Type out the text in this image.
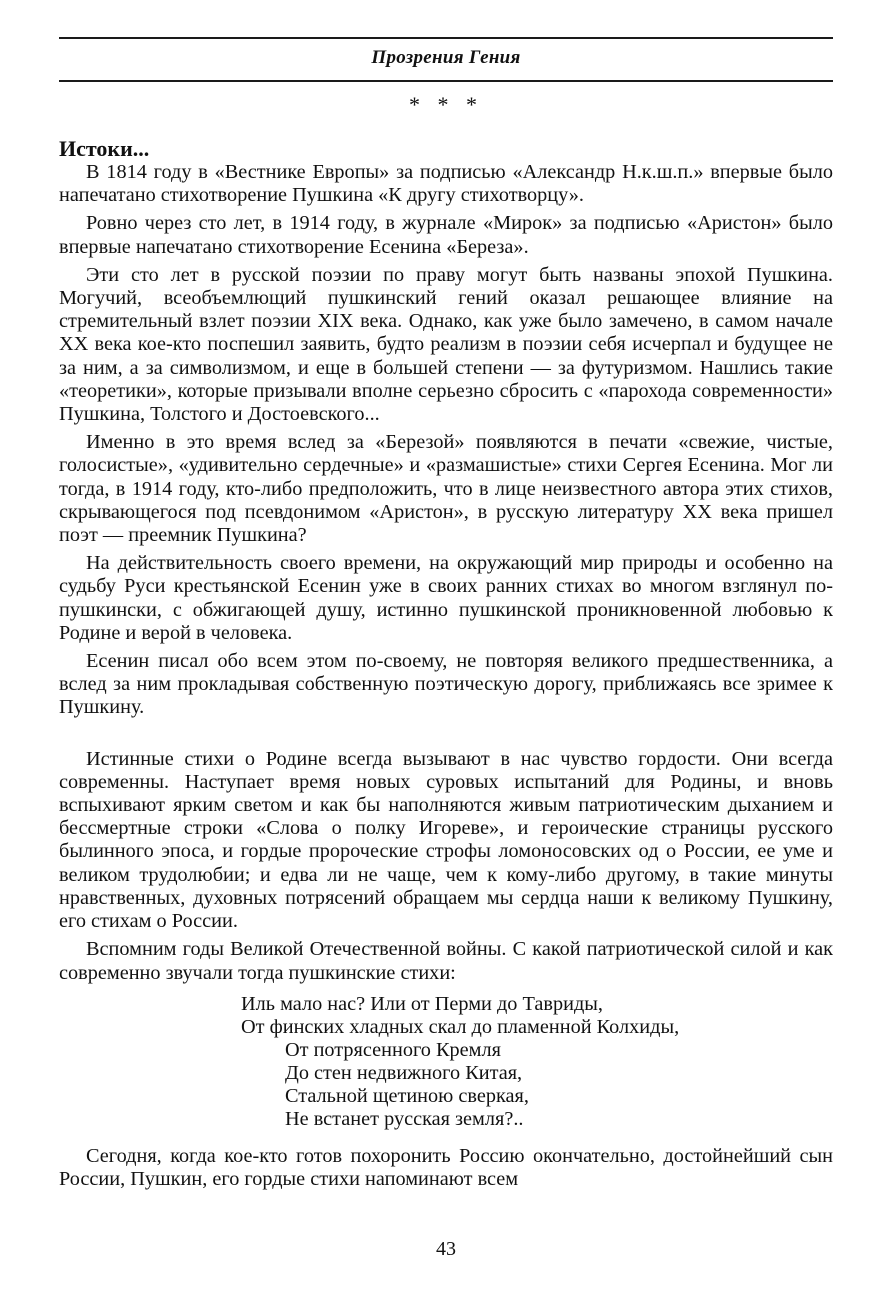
Прозрения Гения
* * *
Истоки...

В 1814 году в «Вестнике Европы» за подписью «Александр Н.к.ш.п.» впервые было напечатано стихотворение Пушкина «К другу стихотворцу».

Ровно через сто лет, в 1914 году, в журнале «Мирок» за подписью «Аристон» было впервые напечатано стихотворение Есенина «Береза».

Эти сто лет в русской поэзии по праву могут быть названы эпохой Пушкина. Могучий, всеобъемлющий пушкинский гений оказал решающее влияние на стремительный взлет поэзии XIX века. Однако, как уже было замечено, в самом начале XX века кое-кто поспешил заявить, будто реализм в поэзии себя исчерпал и будущее не за ним, а за символизмом, и еще в большей степени — за футуризмом. Нашлись такие «теоретики», которые призывали вполне серьезно сбросить с «парохода современности» Пушкина, Толстого и Достоевского...

Именно в это время вслед за «Березой» появляются в печати «свежие, чистые, голосистые», «удивительно сердечные» и «размашистые» стихи Сергея Есенина. Мог ли тогда, в 1914 году, кто-либо предположить, что в лице неизвестного автора этих стихов, скрывающегося под псевдонимом «Аристон», в русскую литературу XX века пришел поэт — преемник Пушкина?

На действительность своего времени, на окружающий мир природы и особенно на судьбу Руси крестьянской Есенин уже в своих ранних стихах во многом взглянул по-пушкински, с обжигающей душу, истинно пушкинской проникновенной любовью к Родине и верой в человека.

Есенин писал обо всем этом по-своему, не повторяя великого предшественника, а вслед за ним прокладывая собственную поэтическую дорогу, приближаясь все зримее к Пушкину.

Истинные стихи о Родине всегда вызывают в нас чувство гордости. Они всегда современны. Наступает время новых суровых испытаний для Родины, и вновь вспыхивают ярким светом и как бы наполняются живым патриотическим дыханием и бессмертные строки «Слова о полку Игореве», и героические страницы русского былинного эпоса, и гордые пророческие строфы ломоносовских од о России, ее уме и великом трудолюбии; и едва ли не чаще, чем к кому-либо другому, в такие минуты нравственных, духовных потрясений обращаем мы сердца наши к великому Пушкину, его стихам о России.

Вспомним годы Великой Отечественной войны. С какой патриотической силой и как современно звучали тогда пушкинские стихи:

Иль мало нас? Или от Перми до Тавриды,
От финских хладных скал до пламенной Колхиды,
От потрясенного Кремля
До стен недвижного Китая,
Стальной щетиною сверкая,
Не встанет русская земля?..

Сегодня, когда кое-кто готов похоронить Россию окончательно, достойнейший сын России, Пушкин, его гордые стихи напоминают всем

43
